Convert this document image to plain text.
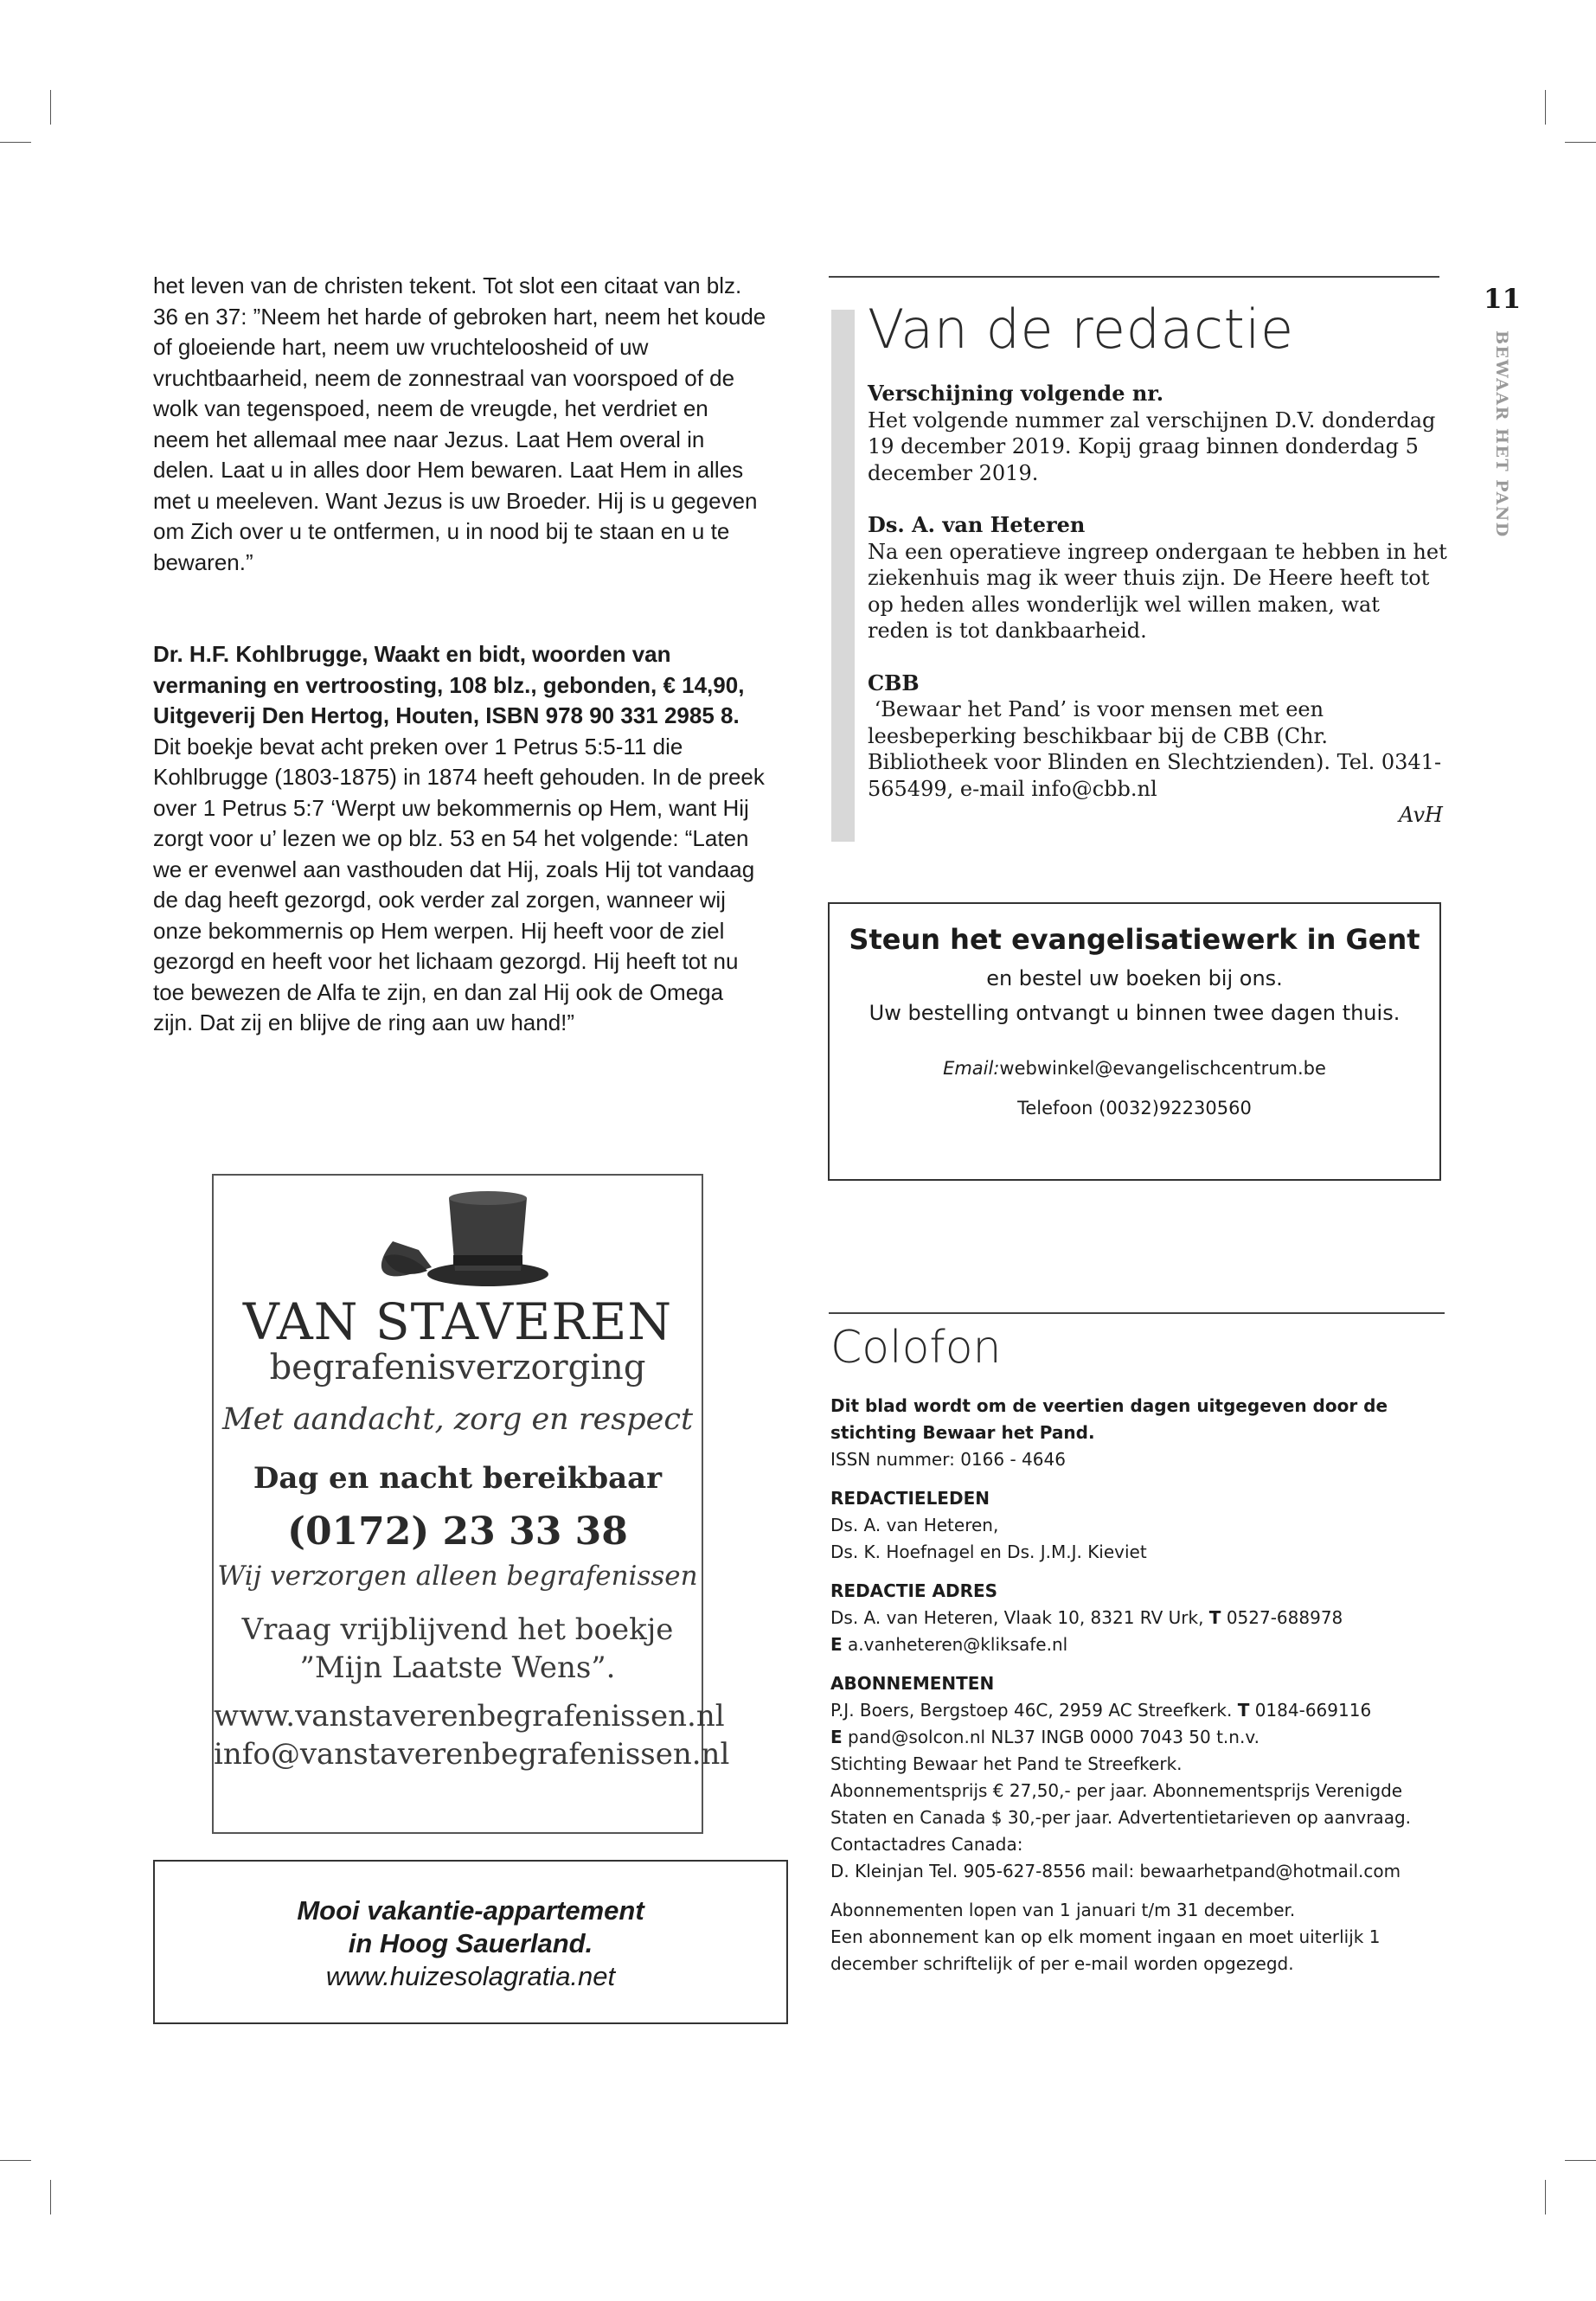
het leven van de christen tekent. Tot slot een citaat van blz. 36 en 37: ”Neem het harde of gebroken hart, neem het koude of gloeiende hart, neem uw vruchteloosheid of uw vruchtbaarheid, neem de zonnestraal van voorspoed of de wolk van tegenspoed, neem de vreugde, het verdriet en neem het allemaal mee naar Jezus. Laat Hem overal in delen. Laat u in alles door Hem bewaren. Laat Hem in alles met u meeleven. Want Jezus is uw Broeder. Hij is u gegeven om Zich over u te ontfermen, u in nood bij te staan en u te bewaren.”

Dr. H.F. Kohlbrugge, Waakt en bidt, woorden van vermaning en vertroosting, 108 blz., gebonden, € 14,90, Uitgeverij Den Hertog, Houten, ISBN 978 90 331 2985 8.

Dit boekje bevat acht preken over 1 Petrus 5:5-11 die Kohlbrugge (1803-1875) in 1874 heeft gehouden. In de preek over 1 Petrus 5:7 ‘Werpt uw bekommernis op Hem, want Hij zorgt voor u’ lezen we op blz. 53 en 54 het volgende: “Laten we er evenwel aan vasthouden dat Hij, zoals Hij tot vandaag de dag heeft gezorgd, ook verder zal zorgen, wanneer wij onze bekommernis op Hem werpen. Hij heeft voor de ziel gezorgd en heeft voor het lichaam gezorgd. Hij heeft tot nu toe bewezen de Alfa te zijn, en dan zal Hij ook de Omega zijn. Dat zij en blijve de ring aan uw hand!”

Van de redactie
Verschijning volgende nr.

Het volgende nummer zal verschijnen D.V. donderdag 19 december 2019. Kopij graag binnen donderdag 5 december 2019.

Ds. A. van Heteren

Na een operatieve ingreep ondergaan te hebben in het ziekenhuis mag ik weer thuis zijn. De Heere heeft tot op heden alles wonderlijk wel willen maken, wat reden is tot dankbaarheid.

CBB

‘Bewaar het Pand’ is voor mensen met een leesbeperking beschikbaar bij de CBB (Chr. Bibliotheek voor Blinden en Slechtzienden). Tel. 0341- 565499, e-mail info@cbb.nl

AvH
11
BEWAAR HET PAND
Steun het evangelisatiewerk in Gent
en bestel uw boeken bij ons.
Uw bestelling ontvangt u binnen twee dagen thuis.
Email:webwinkel@evangelischcentrum.be
Telefoon (0032)92230560
VAN STAVEREN
begrafenisverzorging
Met aandacht, zorg en respect
Dag en nacht bereikbaar
(0172) 23 33 38
Wij verzorgen alleen begrafenissen
Vraag vrijblijvend het boekje
”Mijn Laatste Wens”.
www.vanstaverenbegrafenissen.nl
info@vanstaverenbegrafenissen.nl
Mooi vakantie-appartement
in Hoog Sauerland.
www.huizesolagratia.net
Colofon

Dit blad wordt om de veertien dagen uitgegeven door de stichting Bewaar het Pand.

ISSN nummer: 0166 - 4646

REDACTIELEDEN

Ds. A. van Heteren,

Ds. K. Hoefnagel en Ds. J.M.J. Kieviet

REDACTIE ADRES

Ds. A. van Heteren, Vlaak 10, 8321 RV Urk, T 0527-688978

E a.vanheteren@kliksafe.nl

ABONNEMENTEN

P.J. Boers, Bergstoep 46C, 2959 AC Streefkerk. T 0184-669116

E pand@solcon.nl NL37 INGB 0000 7043 50 t.n.v.

Stichting Bewaar het Pand te Streefkerk.

Abonnementsprijs € 27,50,- per jaar. Abonnementsprijs Verenigde Staten en Canada $ 30,-per jaar. Advertentietarieven op aanvraag.

Contactadres Canada:

D. Kleinjan Tel. 905-627-8556 mail: bewaarhetpand@hotmail.com

Abonnementen lopen van 1 januari t/m 31 december.

Een abonnement kan op elk moment ingaan en moet uiterlijk 1 december schriftelijk of per e-mail worden opgezegd.
